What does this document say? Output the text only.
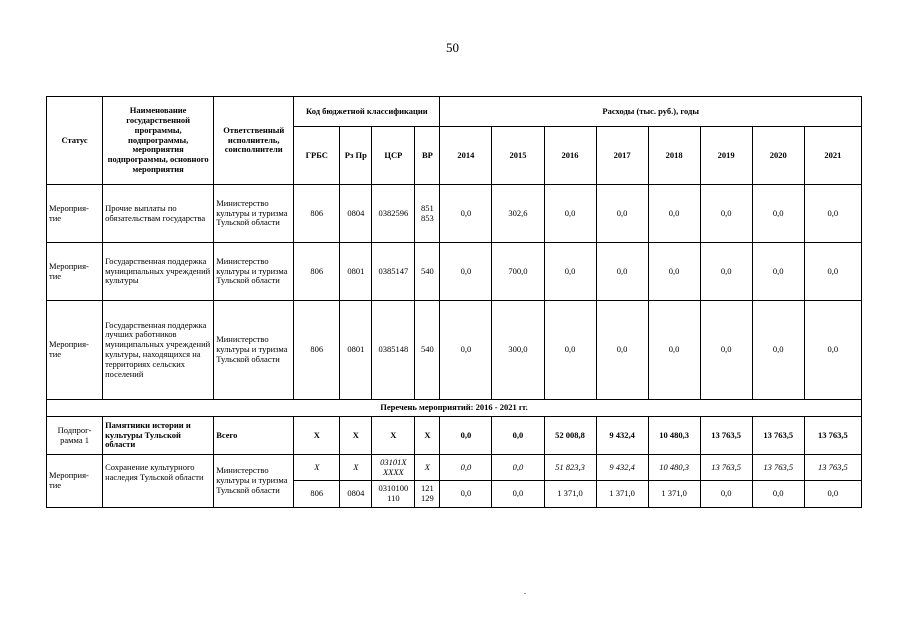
50
Статус	Наименование государственной программы, подпрограммы, мероприятия подпрограммы, основного мероприятия	Ответственный исполнитель, соисполнители	Код бюджетной классификации				Расходы (тыс. руб.), годы							
			ГРБС	Рз Пр	ЦСР	ВР	2014	2015	2016	2017	2018	2019	2020	2021
Мероприя-тие	Прочие выплаты по обязательствам государства	Министерство культуры и туризма Тульской области	806	0804	0382596	851 853	0,0	302,6	0,0	0,0	0,0	0,0	0,0	0,0
Мероприя-тие	Государственная поддержка муниципальных учреждений культуры	Министерство культуры и туризма Тульской области	806	0801	0385147	540	0,0	700,0	0,0	0,0	0,0	0,0	0,0	0,0
Мероприя-тие	Государственная поддержка лучших работников муниципальных учреждений культуры, находящихся на территориях сельских поселений	Министерство культуры и туризма Тульской области	806	0801	0385148	540	0,0	300,0	0,0	0,0	0,0	0,0	0,0	0,0
Перечень мероприятий: 2016 - 2021 гг.														
Подпрог-рамма 1	Памятники истории и культуры Тульской области	Всего	Х	Х	Х	Х	0,0	0,0	52 008,8	9 432,4	10 480,3	13 763,5	13 763,5	13 763,5
Мероприя-тие	Сохранение культурного наследия Тульской области	Министерство культуры и туризма Тульской области	Х	Х	03101Х ХХХХ	Х	0,0	0,0	51 823,3	9 432,4	10 480,3	13 763,5	13 763,5	13 763,5
			806	0804	0310100 110	121 129	0,0	0,0	1 371,0	1 371,0	1 371,0	0,0	0,0	0,0
